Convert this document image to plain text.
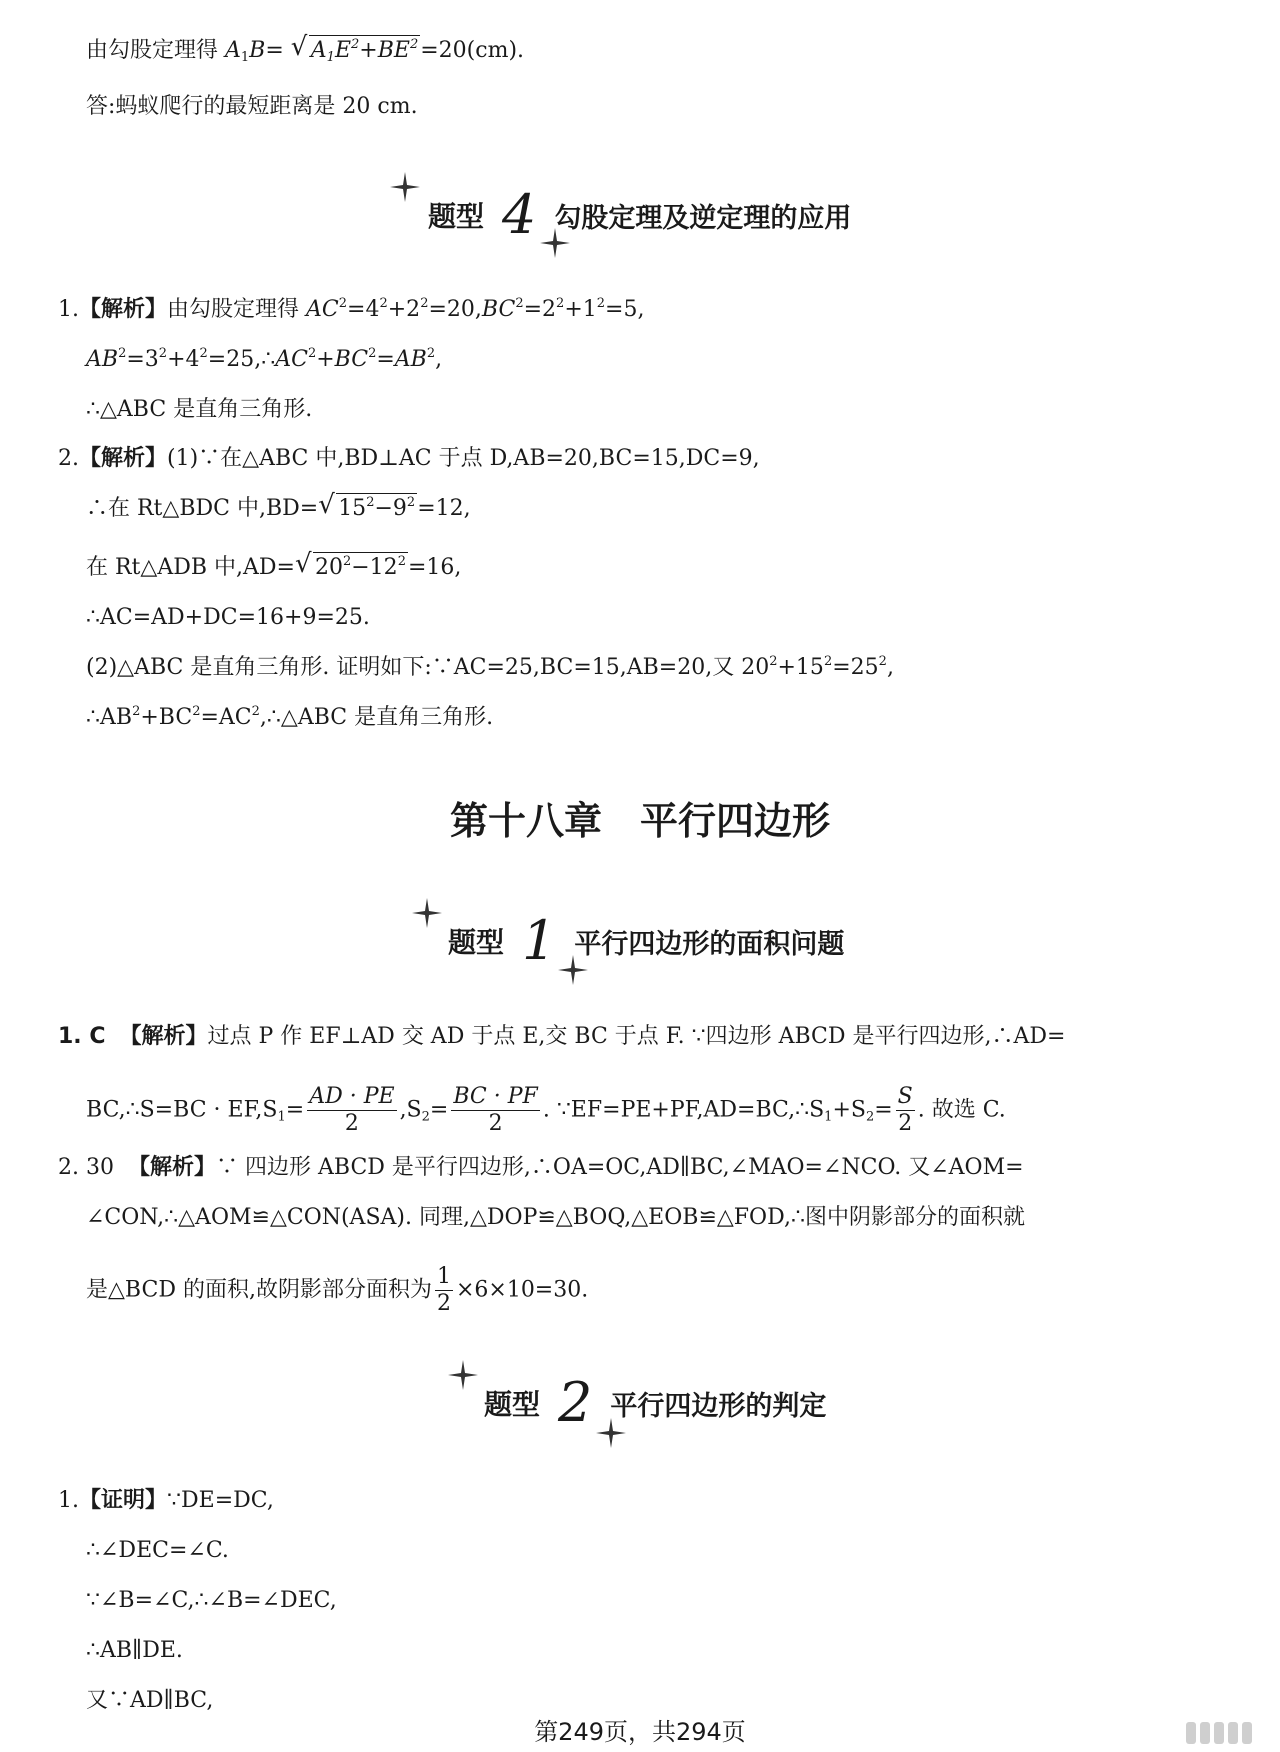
由勾股定理得 $A_1B=$ √ $A_1E^2+BE^2=20(cm)$.
答:蚂蚁爬行的最短距离是 20 cm.
题型 4 勾股定理及逆定理的应用
1.【解析】由勾股定理得 $AC^2=4^2+2^2=20,BC^2=2^2+1^2=5$,
$AB^2=3^2+4^2=25,\therefore AC^2+BC^2=AB^2$,
∴△ABC 是直角三角形.
2.【解析】(1)∵在△ABC 中,BD⊥AC 于点 D,AB=20,BC=15,DC=9,
∴在 Rt△BDC 中,BD= √ $15^2-9^2=12$,
在 Rt△ADB 中,AD= √ $20^2-12^2=16$,
∴AC=AD+DC=16+9=25.
(2)△ABC 是直角三角形. 证明如下:∵AC=25,BC=15,AB=20,又 $20^2+15^2=25^2$,
$\therefore AB^2+BC^2=AC^2,\therefore\triangle ABC$ 是直角三角形.
第十八章　平行四边形
题型 1 平行四边形的面积问题
1. C 【解析】过点 P 作 EF⊥AD 交 AD 于点 E,交 BC 于点 F. ∵四边形 ABCD 是平行四边形,∴AD=
BC,∴S=BC · $EF,S_1= \frac{AD \cdot PE}{2} ,S_2= \frac{BC \cdot PF}{2}$ . $\because EF=PE+PF,AD=BC,\therefore S_1+S_2= \frac{S}{2}$ . 故选 C.
2. 30 【解析】∵ 四边形 ABCD 是平行四边形,∴OA=OC,AD∥BC,∠MAO=∠NCO. 又∠AOM=
∠CON,∴△AOM≌△CON(ASA). 同理,△DOP≌△BOQ,△EOB≌△FOD,∴图中阴影部分的面积就
是△BCD 的面积,故阴影部分面积为 $\frac{1}{2} \times 6\times 10=30$.
题型 2 平行四边形的判定
1.【证明】∵DE=DC,
∴∠DEC=∠C.
∵∠B=∠C,∴∠B=∠DEC,
∴AB∥DE.
又∵AD∥BC,
第249页，共294页
